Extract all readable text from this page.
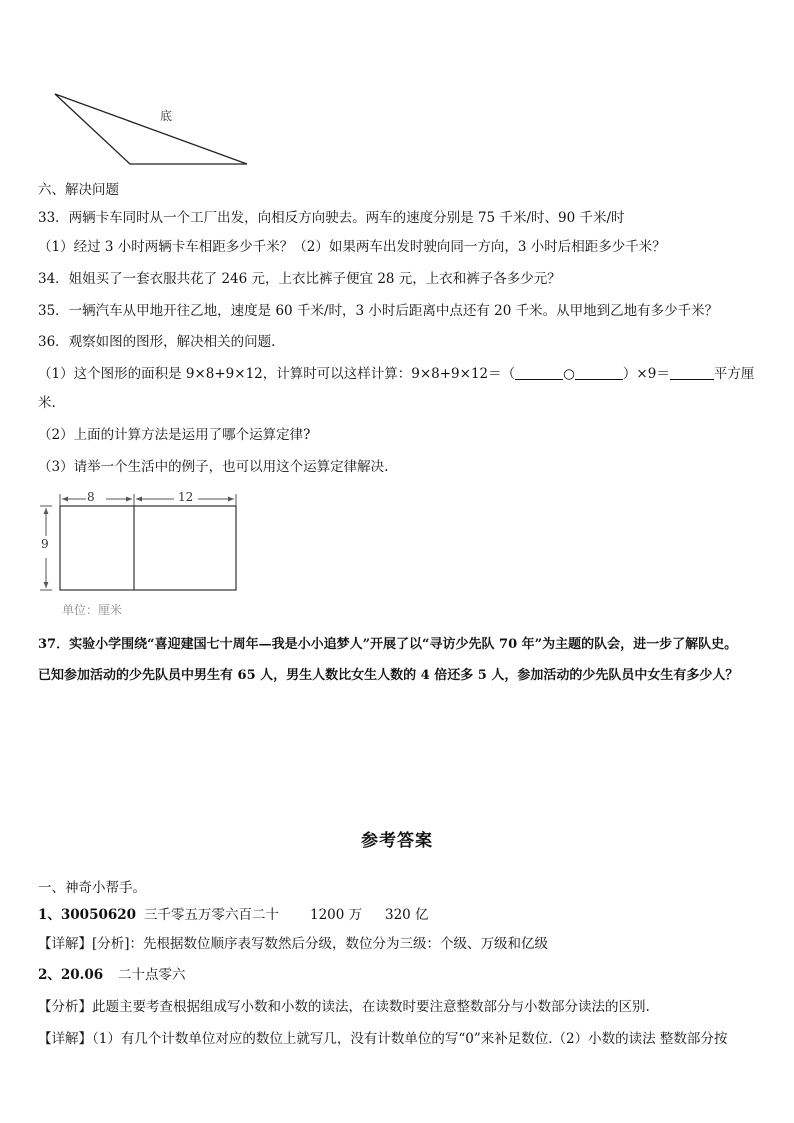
底
六、解决问题
33．两辆卡车同时从一个工厂出发，向相反方向驶去。两车的速度分别是 75 千米/时、90 千米/时
（1）经过 3 小时两辆卡车相距多少千米？（2）如果两车出发时驶向同一方向，3 小时后相距多少千米？
34．姐姐买了一套衣服共花了 246 元，上衣比裤子便宜 28 元，上衣和裤子各多少元？
35．一辆汽车从甲地开往乙地，速度是 60 千米/时，3 小时后距离中点还有 20 千米。从甲地到乙地有多少千米？
36．观察如图的图形，解决相关的问题.
（1）这个图形的面积是 9×8+9×12，计算时可以这样计算：9×8+9×12＝（	○	）×9＝	平方厘
米.
（2）上面的计算方法是运用了哪个运算定律?
（3）请举一个生活中的例子，也可以用这个运算定律解决.
8	12
9
单位：厘米
37．实验小学围绕“喜迎建国七十周年—我是小小追梦人”开展了以“寻访少先队 70 年”为主题的队会，进一步了解队史。
已知参加活动的少先队员中男生有 65 人，男生人数比女生人数的 4 倍还多 5 人，参加活动的少先队员中女生有多少人？
参考答案
一、神奇小帮手。
1、30050620 三千零五万零六百二十 1200 万 320 亿
【详解】[分析]：先根据数位顺序表写数然后分级，数位分为三级：个级、万级和亿级
2、20.06 二十点零六
【分析】此题主要考查根据组成写小数和小数的读法，在读数时要注意整数部分与小数部分读法的区别.
【详解】（1）有几个计数单位对应的数位上就写几，没有计数单位的写“0”来补足数位.（2）小数的读法 整数部分按
